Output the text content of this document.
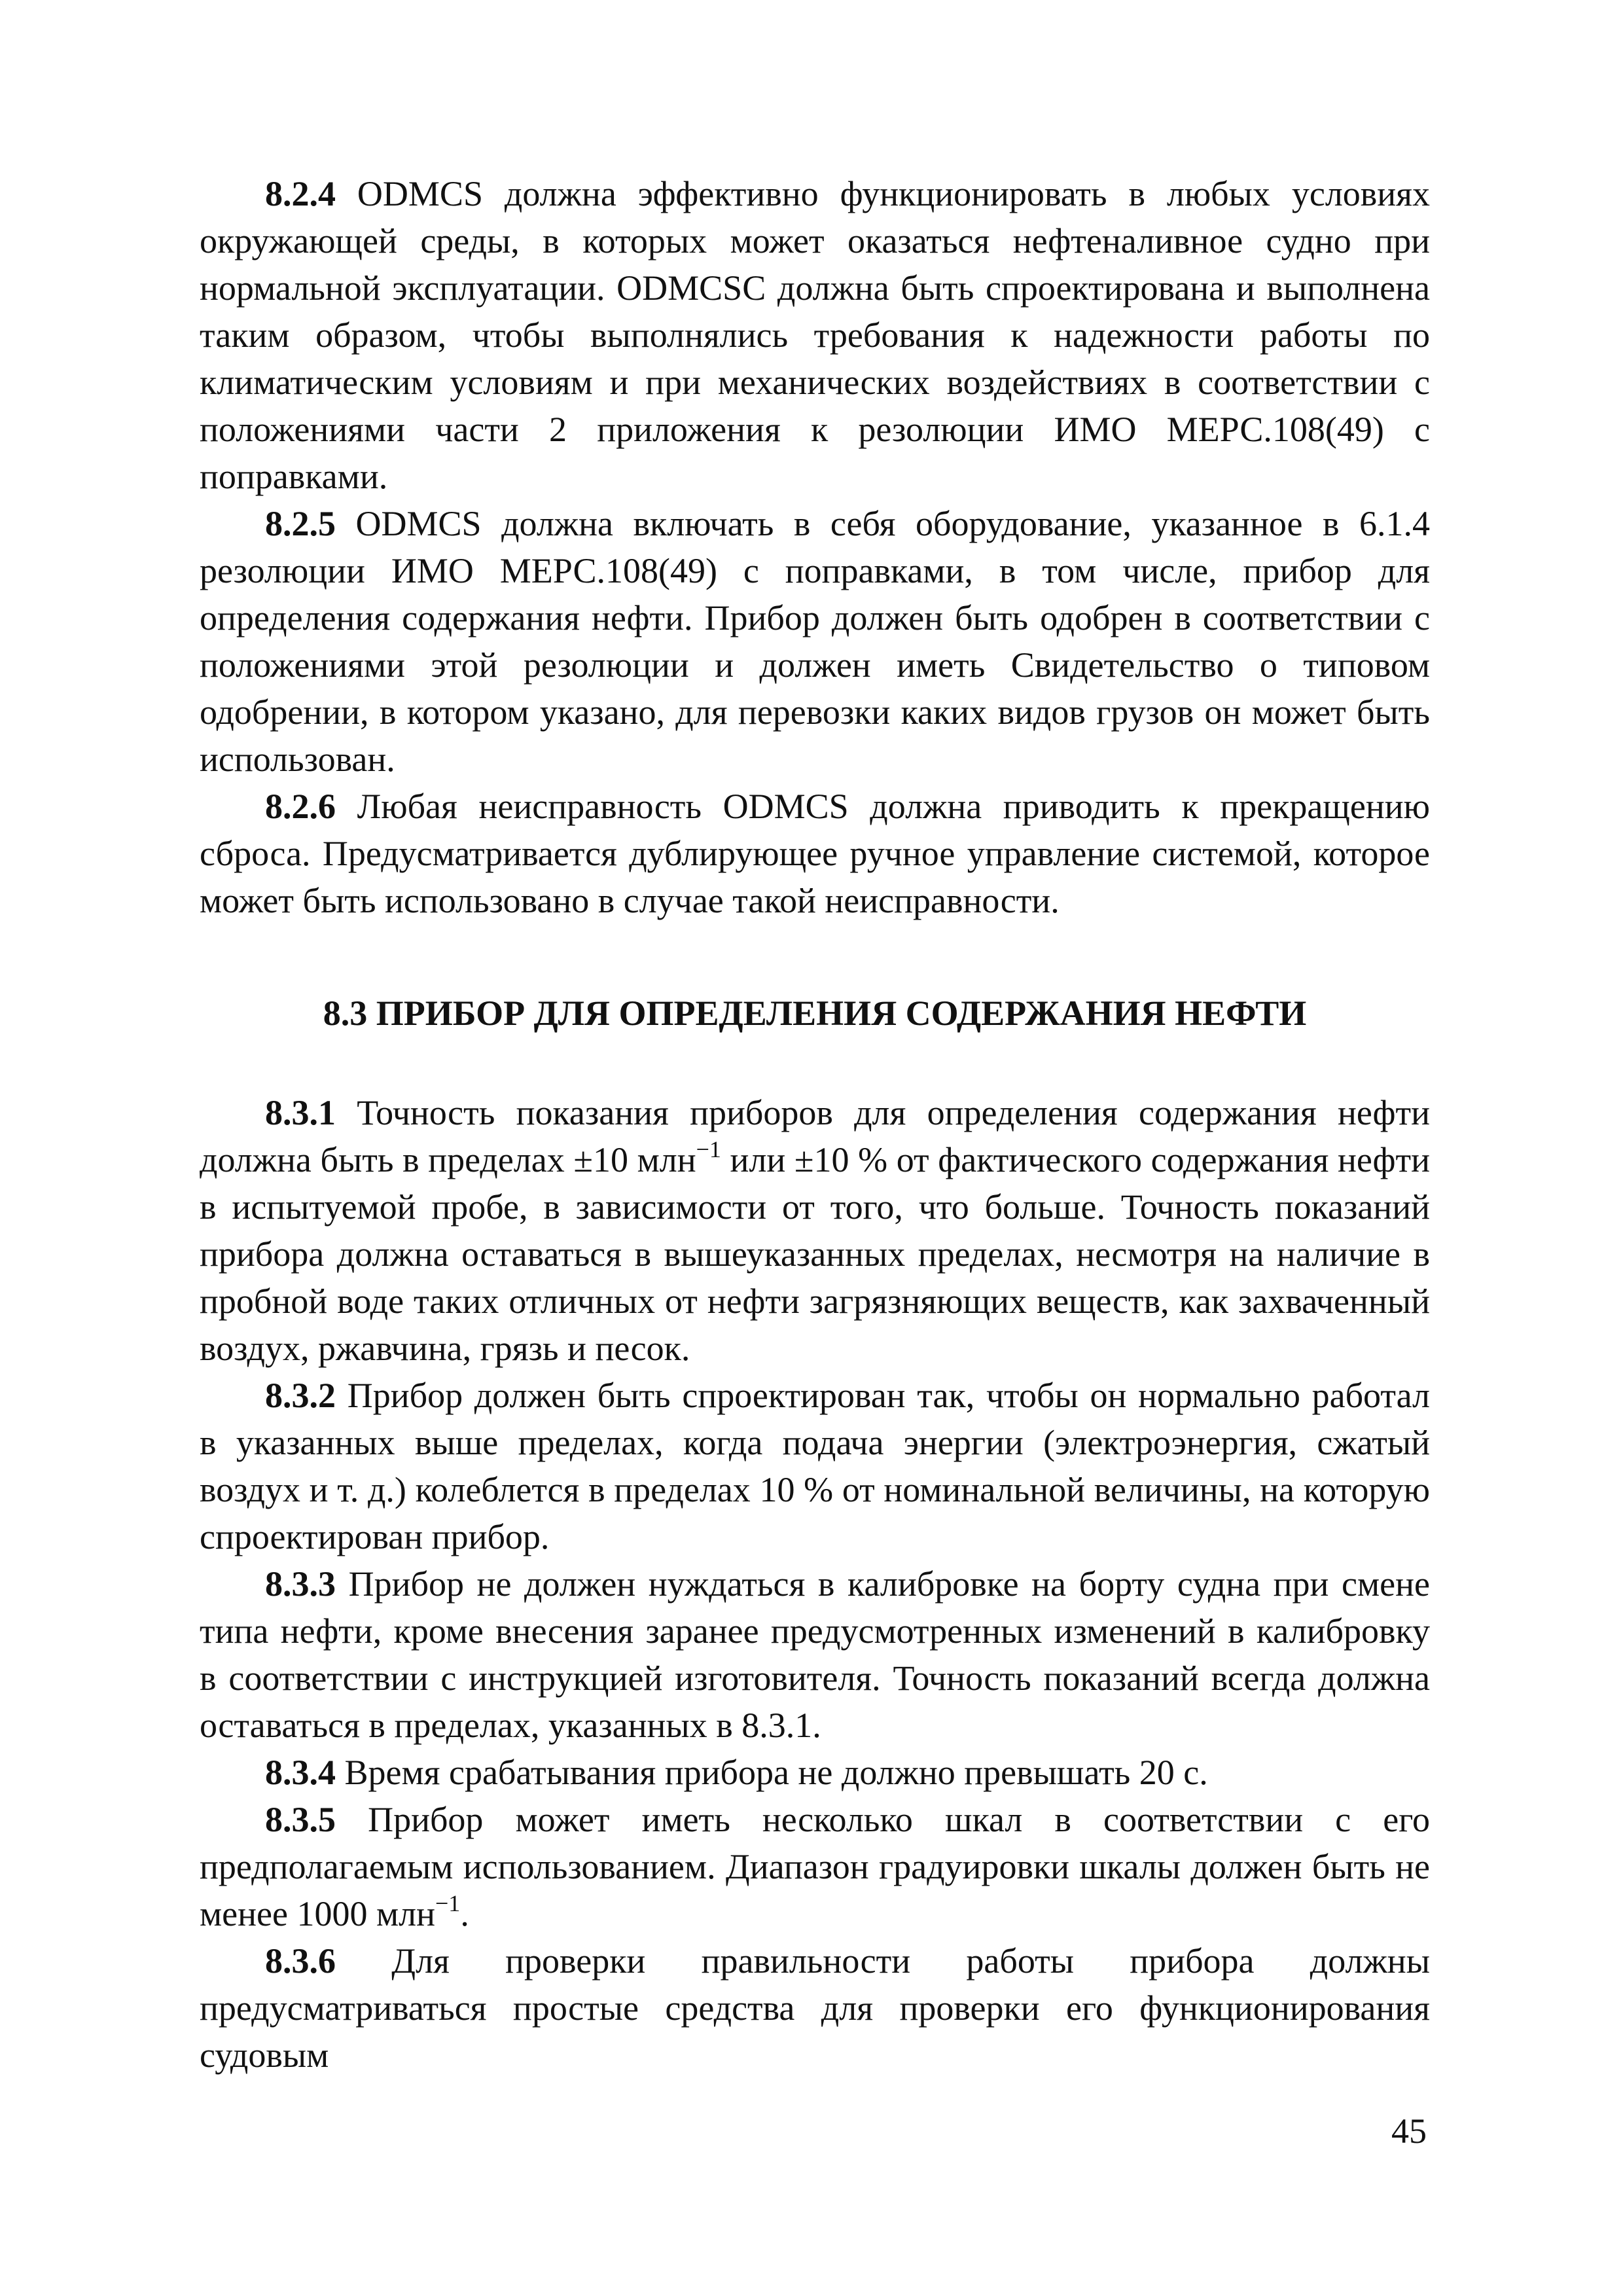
8.2.4 ODMCS должна эффективно функционировать в любых условиях окружающей среды, в которых может оказаться нефтеналивное судно при нормальной эксплуатации. ODMCSC должна быть спроектирована и выполнена таким образом, чтобы выполнялись требования к надежности работы по климатическим условиям и при механических воздействиях в соответствии с положениями части 2 приложения к резолюции ИМО МЕРС.108(49) с поправками.

8.2.5 ODMCS должна включать в себя оборудование, указанное в 6.1.4 резолюции ИМО МЕРС.108(49) с поправками, в том числе, прибор для определения содержания нефти. Прибор должен быть одобрен в соответствии с положениями этой резолюции и должен иметь Свидетельство о типовом одобрении, в котором указано, для перевозки каких видов грузов он может быть использован.

8.2.6 Любая неисправность ODMCS должна приводить к прекращению сброса. Предусматривается дублирующее ручное управление системой, которое может быть использовано в случае такой неисправности.

8.3 ПРИБОР ДЛЯ ОПРЕДЕЛЕНИЯ СОДЕРЖАНИЯ НЕФТИ

8.3.1 Точность показания приборов для определения содержания нефти должна быть в пределах ±10 млн$^{-1}$ или ±10 % от фактического содержания нефти в испытуемой пробе, в зависимости от того, что больше. Точность показаний прибора должна оставаться в вышеуказанных пределах, несмотря на наличие в пробной воде таких отличных от нефти загрязняющих веществ, как захваченный воздух, ржавчина, грязь и песок.

8.3.2 Прибор должен быть спроектирован так, чтобы он нормально работал в указанных выше пределах, когда подача энергии (электроэнергия, сжатый воздух и т. д.) колеблется в пределах 10 % от номинальной величины, на которую спроектирован прибор.

8.3.3 Прибор не должен нуждаться в калибровке на борту судна при смене типа нефти, кроме внесения заранее предусмотренных изменений в калибровку в соответствии с инструкцией изготовителя. Точность показаний всегда должна оставаться в пределах, указанных в 8.3.1.

8.3.4 Время срабатывания прибора не должно превышать 20 с.

8.3.5 Прибор может иметь несколько шкал в соответствии с его предполагаемым использованием. Диапазон градуировки шкалы должен быть не менее 1000 млн$^{-1}$.

8.3.6 Для проверки правильности работы прибора должны предусматриваться простые средства для проверки его функционирования судовым

45
